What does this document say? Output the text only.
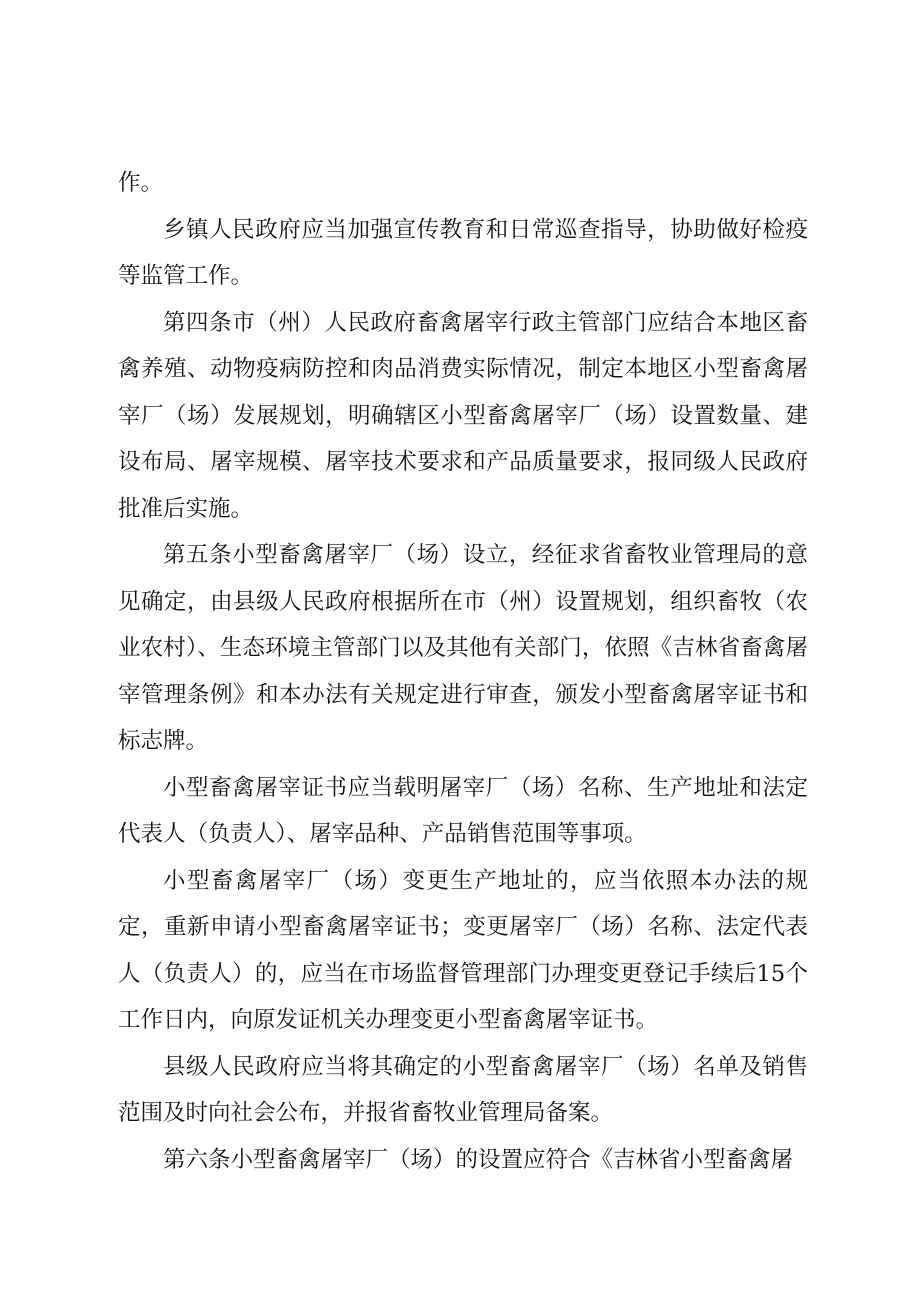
作。

乡镇人民政府应当加强宣传教育和日常巡查指导，协助做好检疫等监管工作。

第四条市（州）人民政府畜禽屠宰行政主管部门应结合本地区畜禽养殖、动物疫病防控和肉品消费实际情况，制定本地区小型畜禽屠宰厂（场）发展规划，明确辖区小型畜禽屠宰厂（场）设置数量、建设布局、屠宰规模、屠宰技术要求和产品质量要求，报同级人民政府批准后实施。

第五条小型畜禽屠宰厂（场）设立，经征求省畜牧业管理局的意见确定，由县级人民政府根据所在市（州）设置规划，组织畜牧（农业农村）、生态环境主管部门以及其他有关部门，依照《吉林省畜禽屠宰管理条例》和本办法有关规定进行审查，颁发小型畜禽屠宰证书和标志牌。

小型畜禽屠宰证书应当载明屠宰厂（场）名称、生产地址和法定代表人（负责人）、屠宰品种、产品销售范围等事项。

小型畜禽屠宰厂（场）变更生产地址的，应当依照本办法的规定，重新申请小型畜禽屠宰证书；变更屠宰厂（场）名称、法定代表人（负责人）的，应当在市场监督管理部门办理变更登记手续后15个工作日内，向原发证机关办理变更小型畜禽屠宰证书。

县级人民政府应当将其确定的小型畜禽屠宰厂（场）名单及销售范围及时向社会公布，并报省畜牧业管理局备案。

第六条小型畜禽屠宰厂（场）的设置应符合《吉林省小型畜禽屠
